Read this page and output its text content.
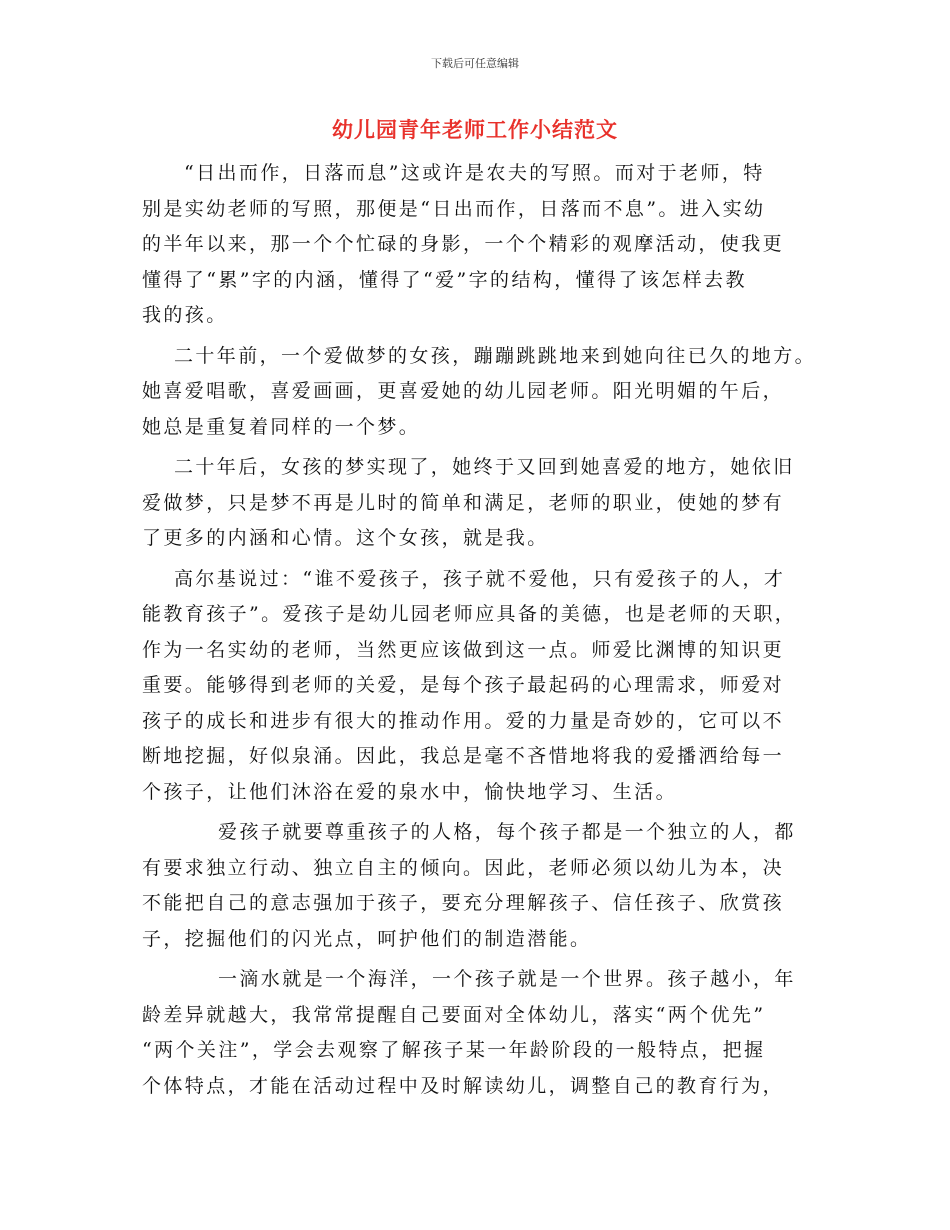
下载后可任意编辑
幼儿园青年老师工作小结范文
“日出而作，日落而息”这或许是农夫的写照。而对于老师，特
别是实幼老师的写照，那便是“日出而作，日落而不息”。进入实幼
的半年以来，那一个个忙碌的身影，一个个精彩的观摩活动，使我更
懂得了“累”字的内涵，懂得了“爱”字的结构，懂得了该怎样去教
我的孩。
二十年前，一个爱做梦的女孩，蹦蹦跳跳地来到她向往已久的地方。
她喜爱唱歌，喜爱画画，更喜爱她的幼儿园老师。阳光明媚的午后，
她总是重复着同样的一个梦。
二十年后，女孩的梦实现了，她终于又回到她喜爱的地方，她依旧
爱做梦，只是梦不再是儿时的简单和满足，老师的职业，使她的梦有
了更多的内涵和心情。这个女孩，就是我。
高尔基说过：“谁不爱孩子，孩子就不爱他，只有爱孩子的人，才
能教育孩子”。爱孩子是幼儿园老师应具备的美德，也是老师的天职，
作为一名实幼的老师，当然更应该做到这一点。师爱比渊博的知识更
重要。能够得到老师的关爱，是每个孩子最起码的心理需求，师爱对
孩子的成长和进步有很大的推动作用。爱的力量是奇妙的，它可以不
断地挖掘，好似泉涌。因此，我总是毫不吝惜地将我的爱播洒给每一
个孩子，让他们沐浴在爱的泉水中，愉快地学习、生活。
爱孩子就要尊重孩子的人格，每个孩子都是一个独立的人，都
有要求独立行动、独立自主的倾向。因此，老师必须以幼儿为本，决
不能把自己的意志强加于孩子，要充分理解孩子、信任孩子、欣赏孩
子，挖掘他们的闪光点，呵护他们的制造潜能。
一滴水就是一个海洋，一个孩子就是一个世界。孩子越小，年
龄差异就越大，我常常提醒自己要面对全体幼儿，落实“两个优先”
“两个关注”，学会去观察了解孩子某一年龄阶段的一般特点，把握
个体特点，才能在活动过程中及时解读幼儿，调整自己的教育行为，
